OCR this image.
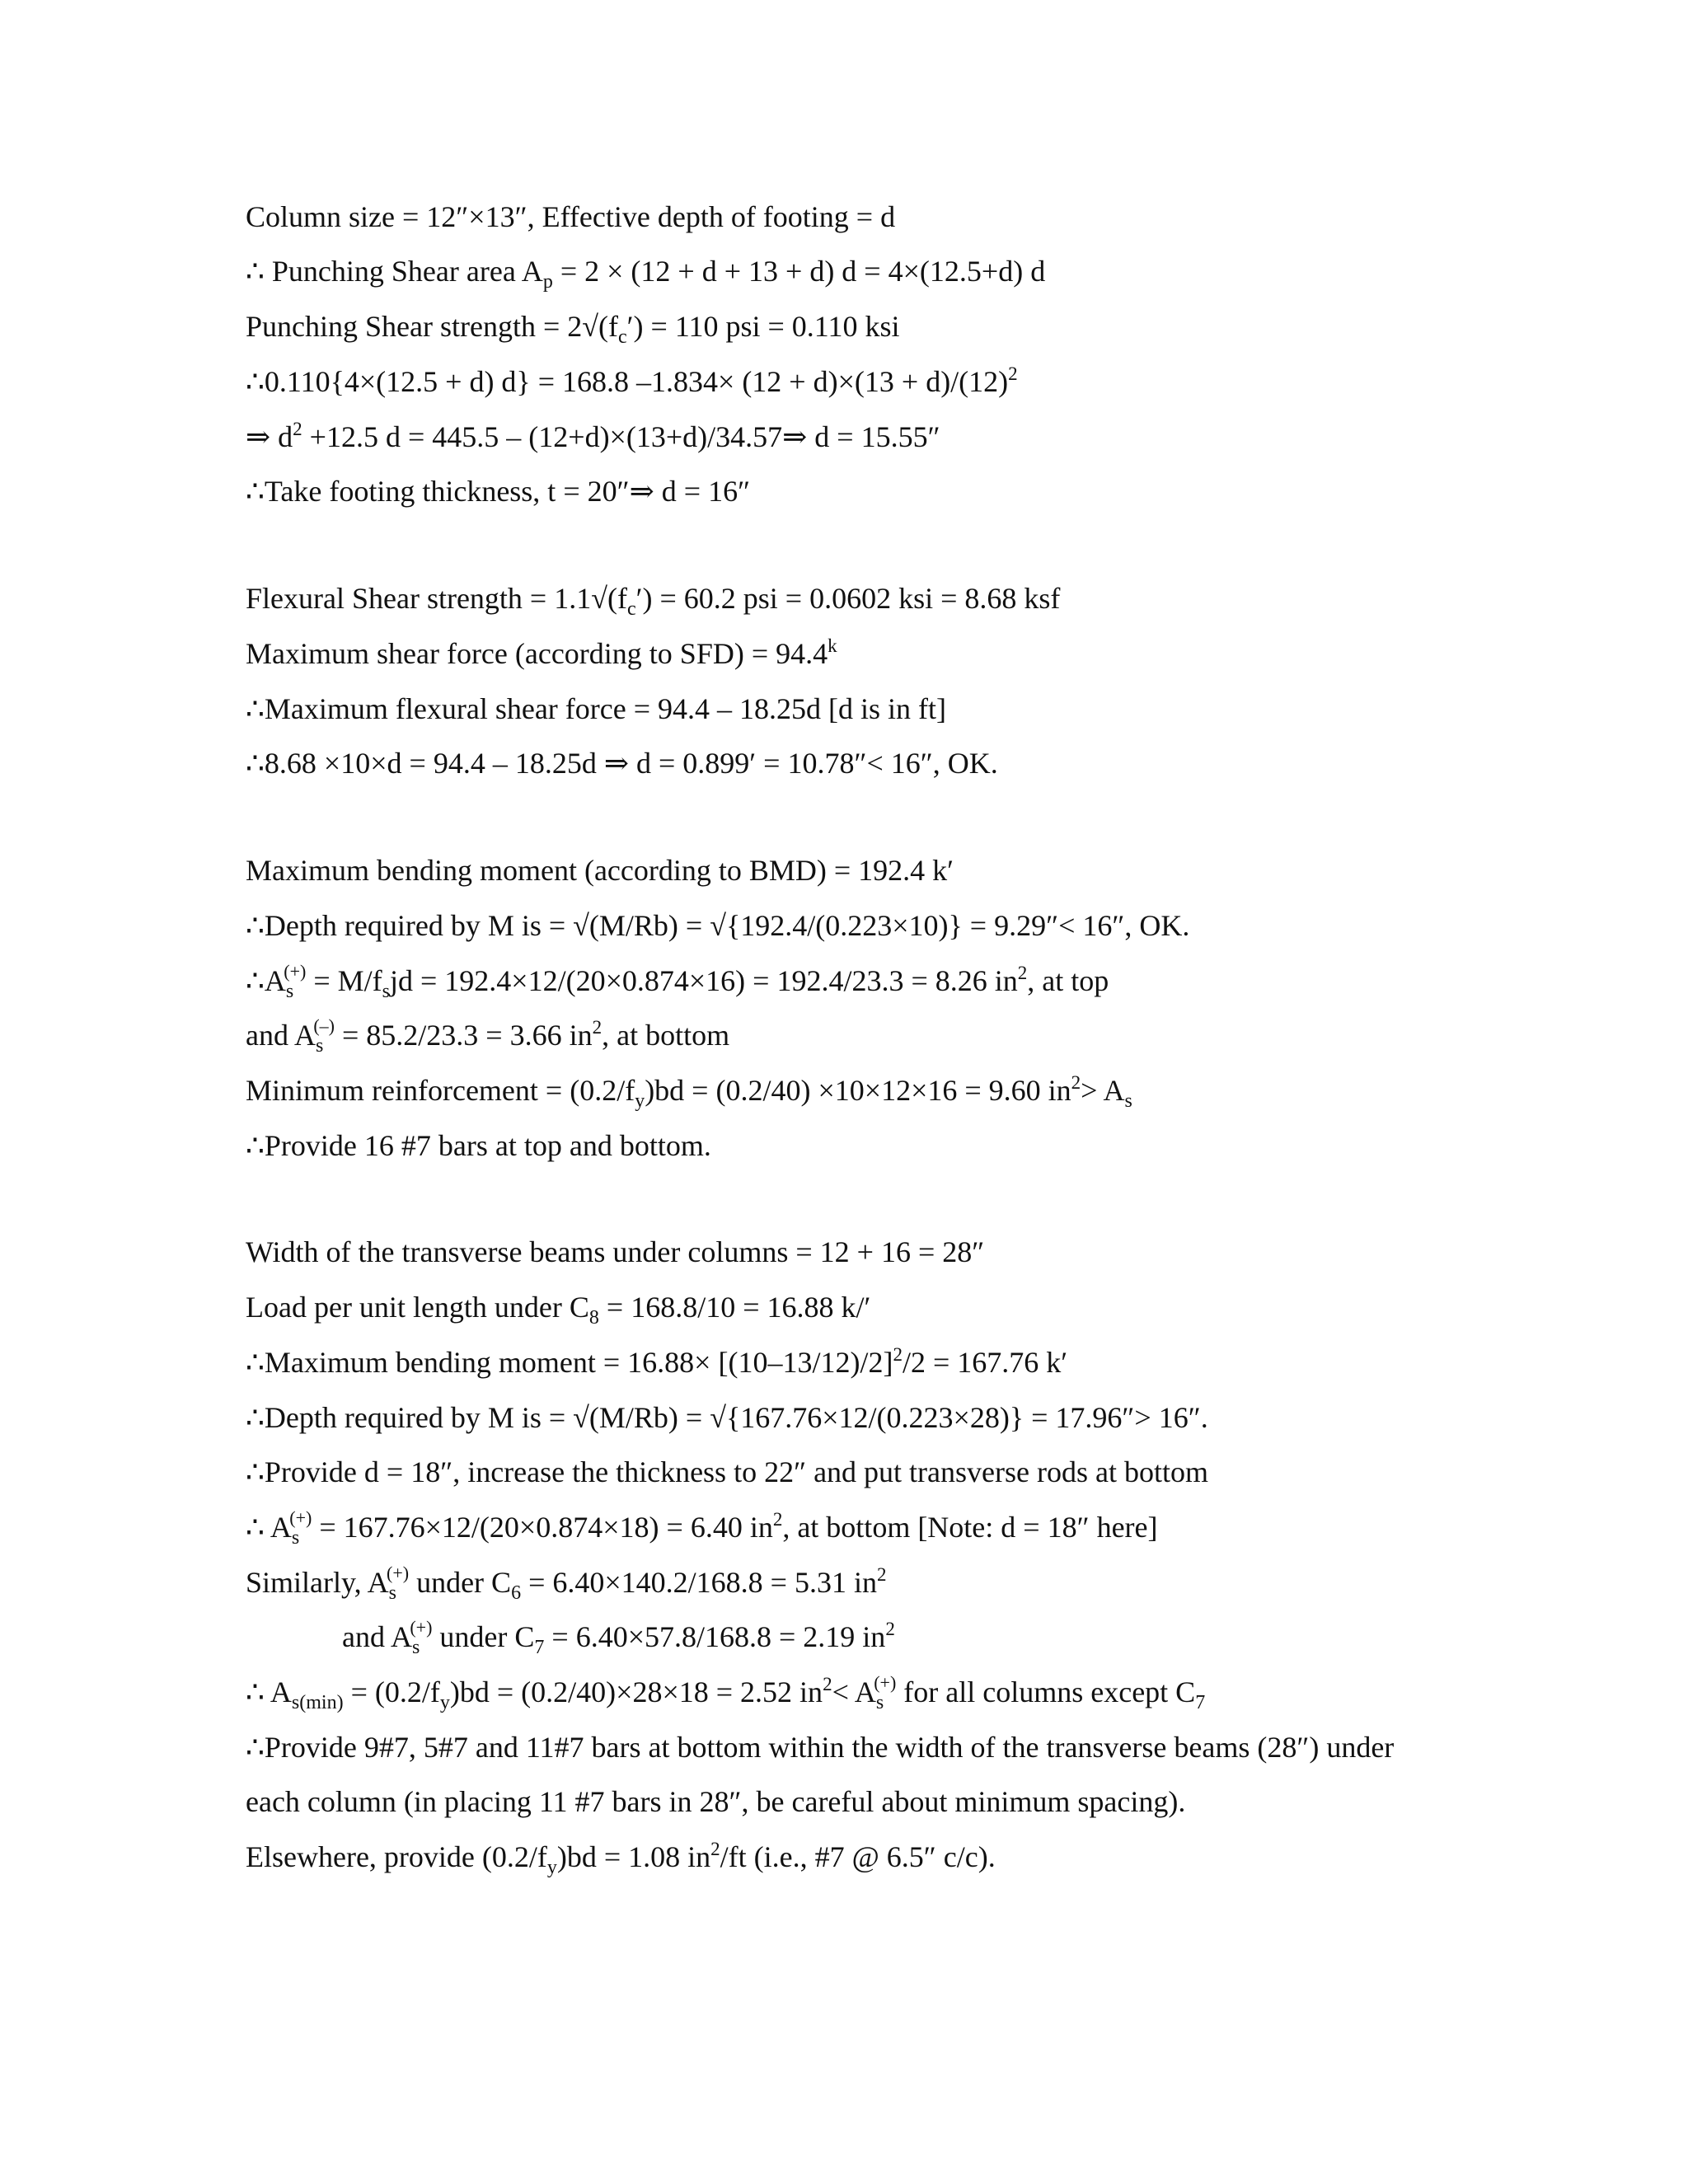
Column size = 12″×13″, Effective depth of footing = d
∴ Punching Shear area $A_p = 2 \times (12 + d + 13 + d) d = 4\times(12.5+d)$ d
Punching Shear strength = $2√(f_c') = 110$ psi = 0.110 ksi
∴0.110{4×(12.5 + d) d} = 168.8 $-1.834\times (12 + d)\times(13 + d)/(12)^2$
⇒ $d^2 +12.5$ d = 445.5 – (12+d)×(13+d)/34.57⇒ d = 15.55″
∴Take footing thickness, t = 20″⇒ d = 16″
Flexural Shear strength = $1.1√(f_c') = 60.2$ psi = 0.0602 ksi = 8.68 ksf
Maximum shear force (according to $SFD) = 94.4^k$
∴Maximum flexural shear force = 94.4 – 18.25d [d is in ft]
∴8.68 ×10×d = 94.4 – 18.25d ⇒ d = 0.899′ = 10.78″< 16″, OK.
Maximum bending moment (according to BMD) = 192.4 k′
∴Depth required by M is = √(M/Rb) = √{192.4/(0.223×10)} = 9.29″< 16″, OK.
$\therefore A_s^{(+)} = M/f_sjd = 192.4\times 12/(20\times 0.874\times 16) = 192.4/23.3 = 8.26$ $in^2$, at top
and $A_s^{(-)} = 85.2/23.3 = 3.66$ $in^2$, at bottom
Minimum reinforcement = $(0.2/f_y)bd = (0.2/40) \times 10\times 12\times 16 = 9.60$ $in^2> A_s$
∴Provide 16 #7 bars at top and bottom.
Width of the transverse beams under columns = 12 + 16 = 28″
Load per unit length under $C_8 = 168.8/10 = 16.88$ k/′
∴Maximum bending moment = $16.88\times [(10-13/12)/2]^2/2 = 167.76$ k′
∴Depth required by M is = √(M/Rb) = √{167.76×12/(0.223×28)} = 17.96″> 16″.
∴Provide d = 18″, increase the thickness to 22″ and put transverse rods at bottom
∴ $A_s^{(+)} = 167.76\times 12/(20\times 0.874\times 18) = 6.40$ $in^2$, at bottom [Note: d = 18″ here]
Similarly, $A_s^{(+)}$ under $C_6 = 6.40\times 140.2/168.8 = 5.31$ $in^2$
and $A_s^{(+)}$ under $C_7 = 6.40\times 57.8/168.8 = 2.19$ $in^2$
∴ $A_{s(min)} = (0.2/f_y)bd = (0.2/40)\times 28\times 18 = 2.52$ $in^2< A_s^{(+)}$ for all columns except $C_7$
∴Provide 9#7, 5#7 and 11#7 bars at bottom within the width of the transverse beams (28″) under
each column (in placing 11 #7 bars in 28″, be careful about minimum spacing).
Elsewhere, provide $(0.2/f_y)bd = 1.08$ $in^2/ft$ (i.e., #7 @ 6.5″ c/c).
